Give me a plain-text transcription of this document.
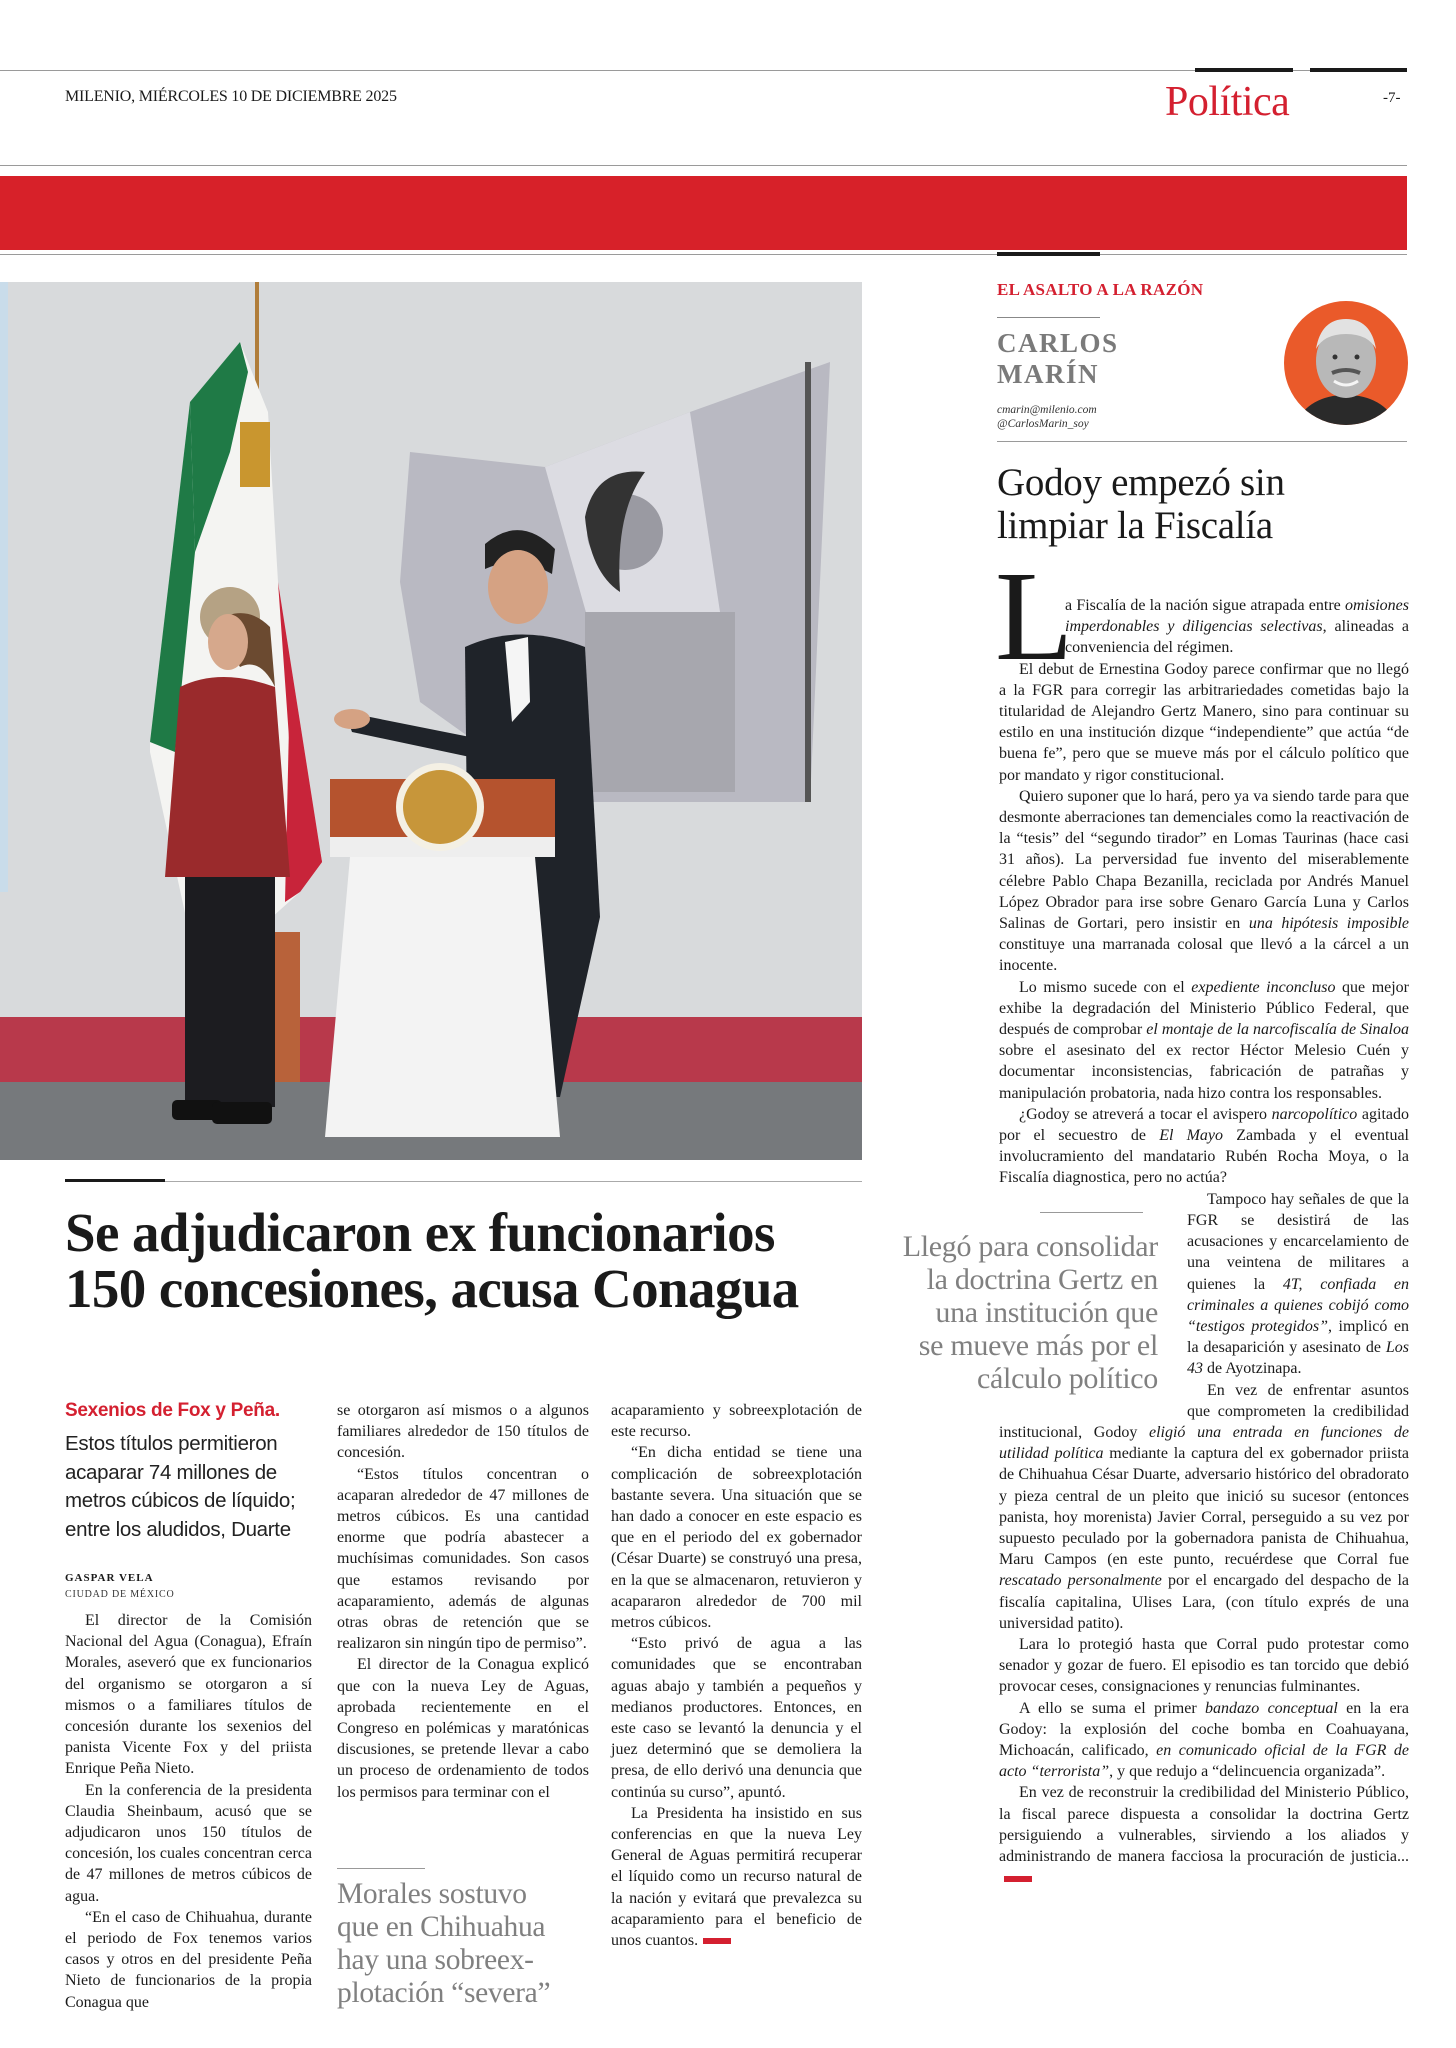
MILENIO, MIÉRCOLES 10 DE DICIEMBRE 2025	Política	-7-
Se adjudicaron ex funcionarios
150 concesiones, acusa Conagua
Sexenios de Fox y Peña.
Estos títulos permitieron acaparar 74 millones de metros cúbicos de líquido; entre los aludidos, Duarte
GASPAR VELA
CIUDAD DE MÉXICO

El director de la Comisión Nacional del Agua (Conagua), Efraín Morales, aseveró que ex funcionarios del organismo se otorgaron a sí mismos o a familiares títulos de concesión durante los sexenios del panista Vicente Fox y del priista Enrique Peña Nieto.

En la conferencia de la presidenta Claudia Sheinbaum, acusó que se adjudicaron unos 150 títulos de concesión, los cuales concentran cerca de 47 millones de metros cúbicos de agua.

“En el caso de Chihuahua, durante el periodo de Fox tenemos varios casos y otros en del presidente Peña Nieto de funcionarios de la propia Conagua que

se otorgaron así mismos o a algunos familiares alrededor de 150 títulos de concesión.

“Estos títulos concentran o acaparan alrededor de 47 millones de metros cúbicos. Es una cantidad enorme que podría abastecer a muchísimas comunidades. Son casos que estamos revisando por acaparamiento, además de algunas otras obras de retención que se realizaron sin ningún tipo de permiso”.

El director de la Conagua explicó que con la nueva Ley de Aguas, aprobada recientemente en el Congreso en polémicas y maratónicas discusiones, se pretende llevar a cabo un proceso de ordenamiento de todos los permisos para terminar con el

acaparamiento y sobreexplotación de este recurso.

“En dicha entidad se tiene una complicación de sobreexplotación bastante severa. Una situación que se han dado a conocer en este espacio es que en el periodo del ex gobernador (César Duarte) se construyó una presa, en la que se almacenaron, retuvieron y acapararon alrededor de 700 mil metros cúbicos.

“Esto privó de agua a las comunidades que se encontraban aguas abajo y también a pequeños y medianos productores. Entonces, en este caso se levantó la denuncia y el juez determinó que se demoliera la presa, de ello derivó una denuncia que continúa su curso”, apuntó.

La Presidenta ha insistido en sus conferencias en que la nueva Ley General de Aguas permitirá recuperar el líquido como un recurso natural de la nación y evitará que prevalezca su acaparamiento para el beneficio de unos cuantos.

Morales sostuvo
que en Chihuahua
hay una sobreex-
plotación “severa”
EL ASALTO A LA RAZÓN
CARLOS
MARÍN
cmarin@milenio.com
@CarlosMarin_soy
Godoy empezó sin
limpiar la Fiscalía

L
a Fiscalía de la nación sigue atrapada entre omisiones imperdonables y diligencias selectivas, alineadas a conveniencia del régimen.

El debut de Ernestina Godoy parece confirmar que no llegó a la FGR para corregir las arbitrariedades cometidas bajo la titularidad de Alejandro Gertz Manero, sino para continuar su estilo en una institución dizque “independiente” que actúa “de buena fe”, pero que se mueve más por el cálculo político que por mandato y rigor constitucional.

Quiero suponer que lo hará, pero ya va siendo tarde para que desmonte aberraciones tan demenciales como la reactivación de la “tesis” del “segundo tirador” en Lomas Taurinas (hace casi 31 años). La perversidad fue invento del miserablemente célebre Pablo Chapa Bezanilla, reciclada por Andrés Manuel López Obrador para irse sobre Genaro García Luna y Carlos Salinas de Gortari, pero insistir en una hipótesis imposible constituye una marranada colosal que llevó a la cárcel a un inocente.

Lo mismo sucede con el expediente inconcluso que mejor exhibe la degradación del Ministerio Público Federal, que después de comprobar el montaje de la narcofiscalía de Sinaloa sobre el asesinato del ex rector Héctor Melesio Cuén y documentar inconsistencias, fabricación de patrañas y manipulación probatoria, nada hizo contra los responsables.

¿Godoy se atreverá a tocar el avispero narcopolítico agitado por el secuestro de El Mayo Zambada y el eventual involucramiento del mandatario Rubén Rocha Moya, o la Fiscalía diagnostica, pero no actúa?

Tampoco hay señales de que la FGR se desistirá de las acusaciones y encarcelamiento de una veintena de militares a quienes la 4T, confiada en criminales a quienes cobijó como “testigos protegidos”, implicó en la desaparición y asesinato de Los 43 de Ayotzinapa.

En vez de enfrentar asuntos que comprometen la credibilidad institucional, Godoy eligió una entrada en funciones de utilidad política mediante la captura del ex gobernador priista de Chihuahua César Duarte, adversario histórico del obradorato y pieza central de un pleito que inició su sucesor (entonces panista, hoy morenista) Javier Corral, perseguido a su vez por supuesto peculado por la gobernadora panista de Chihuahua, Maru Campos (en este punto, recuérdese que Corral fue rescatado personalmente por el encargado del despacho de la fiscalía capitalina, Ulises Lara, (con título exprés de una universidad patito).

Lara lo protegió hasta que Corral pudo protestar como senador y gozar de fuero. El episodio es tan torcido que debió provocar ceses, consignaciones y renuncias fulminantes.

A ello se suma el primer bandazo conceptual en la era Godoy: la explosión del coche bomba en Coahuayana, Michoacán, calificado, en comunicado oficial de la FGR de acto “terrorista”, y que redujo a “delincuencia organizada”.

En vez de reconstruir la credibilidad del Ministerio Público, la fiscal parece dispuesta a consolidar la doctrina Gertz persiguiendo a vulnerables, sirviendo a los aliados y administrando de manera facciosa la procuración de justicia...

Llegó para consolidar
la doctrina Gertz en
una institución que
se mueve más por el
cálculo político
